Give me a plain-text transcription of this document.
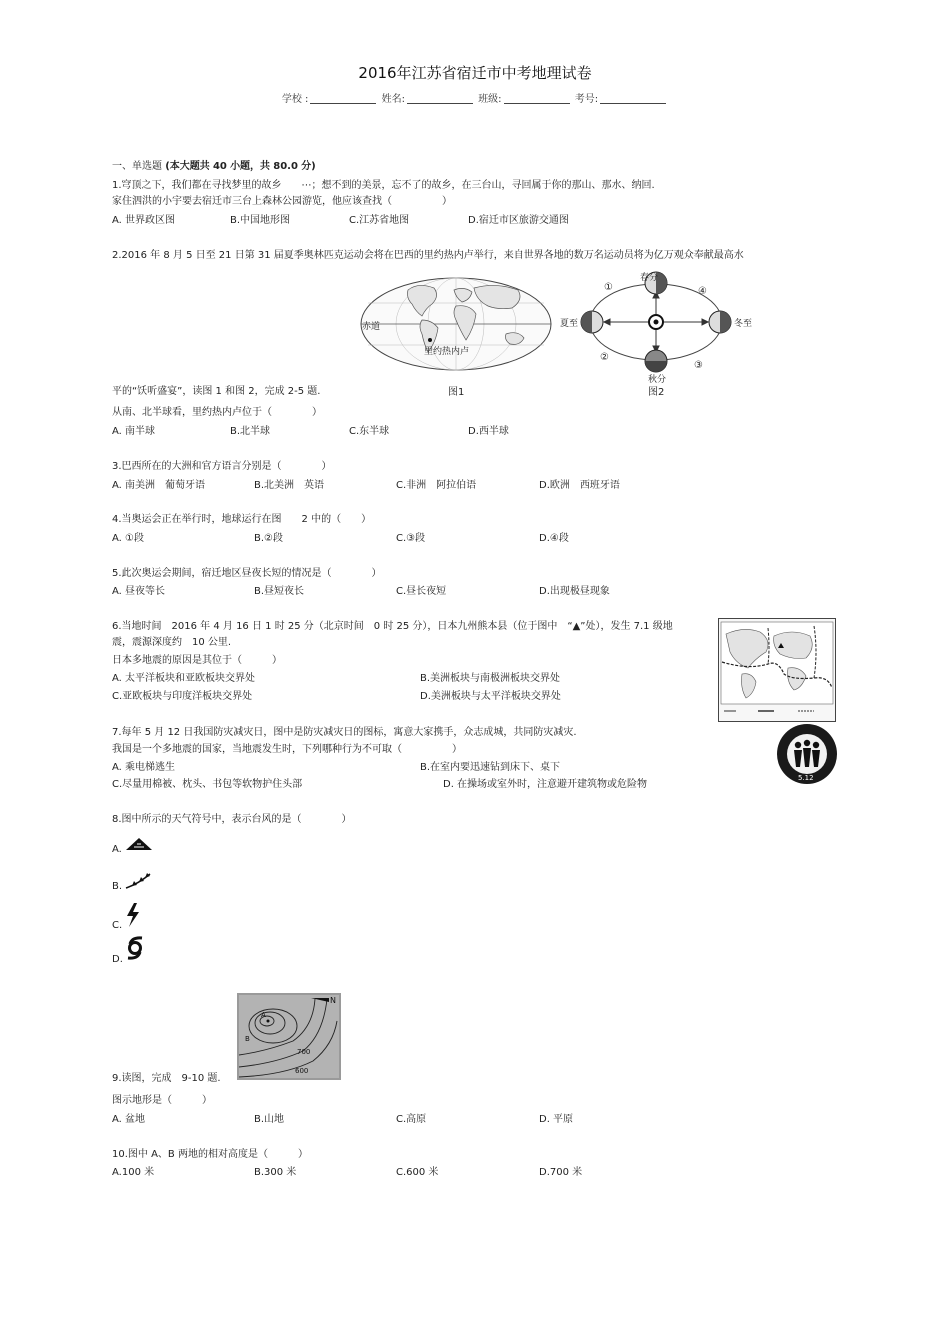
2016年江苏省宿迁市中考地理试卷
学校 :	姓名:	班级:	考号:
一、单选题 (本大题共 40 小题，共 80.0 分)
1.穹顶之下，我们都在寻找梦里的故乡　　⋯；想不到的美景，忘不了的故乡，在三台山，寻回属于你的那山、那水、纳回.
家住泗洪的小宇要去宿迁市三台上森林公园游览，他应该查找（　　　　　）
A. 世界政区图	B.中国地形图	C.江苏省地图	D.宿迁市区旅游交通图
2.2016 年 8 月 5 日至 21 日第 31 届夏季奥林匹克运动会将在巴西的里约热内卢举行，来自世界各地的数万名运动员将为亿万观众奉献最高水
赤道
里约热内卢
图1
春分
夏至	冬至
秋分
①	④
②
③
图2
平的“饫听盛宴”，读图 1 和图 2，完成 2-5 题.
从南、北半球看，里约热内卢位于（　　　　）
A. 南半球	B.北半球	C.东半球	D.西半球
3.巴西所在的大洲和官方语言分别是（　　　　）
A. 南美洲　葡萄牙语	B.北美洲　英语	C.非洲　阿拉伯语	D.欧洲　西班牙语
4.当奥运会正在举行时，地球运行在图　　2 中的（　　）
A. ①段	B.②段	C.③段	D.④段
5.此次奥运会期间，宿迁地区昼夜长短的情况是（　　　　）
A. 昼夜等长	B.昼短夜长	C.昼长夜短	D.出现极昼现象
6.当地时间　2016 年 4 月 16 日 1 时 25 分（北京时间　0 时 25 分），日本九州熊本县（位于图中　“▲”处），发生 7.1 级地
震，震源深度约　10 公里.
日本多地震的原因是其位于（　　　）
A. 太平洋板块和亚欧板块交界处	B.美洲板块与南极洲板块交界处
C.亚欧板块与印度洋板块交界处	D.美洲板块与太平洋板块交界处
7.每年 5 月 12 日我国防灾减灾日，图中是防灾减灾日的图标，寓意大家携手，众志成城，共同防灾减灾.
我国是一个多地震的国家，当地震发生时，下列哪种行为不可取（　　　　　）
A. 乘电梯逃生	B.在室内要迅速钻到床下、桌下
C.尽量用棉被、枕头、书包等软物护住头部	D. 在操场或室外时，注意避开建筑物或危险物
5.12
8.图中所示的天气符号中，表示台风的是（　　　　）
A.
B.
C.
D.
N
A
B
700
600
9.读图，完成　9-10 题.
图示地形是（　　　）
A. 盆地	B.山地	C.高原	D. 平原
10.图中 A、B 两地的相对高度是（　　　）
A.100 米	B.300 米	C.600 米	D.700 米
